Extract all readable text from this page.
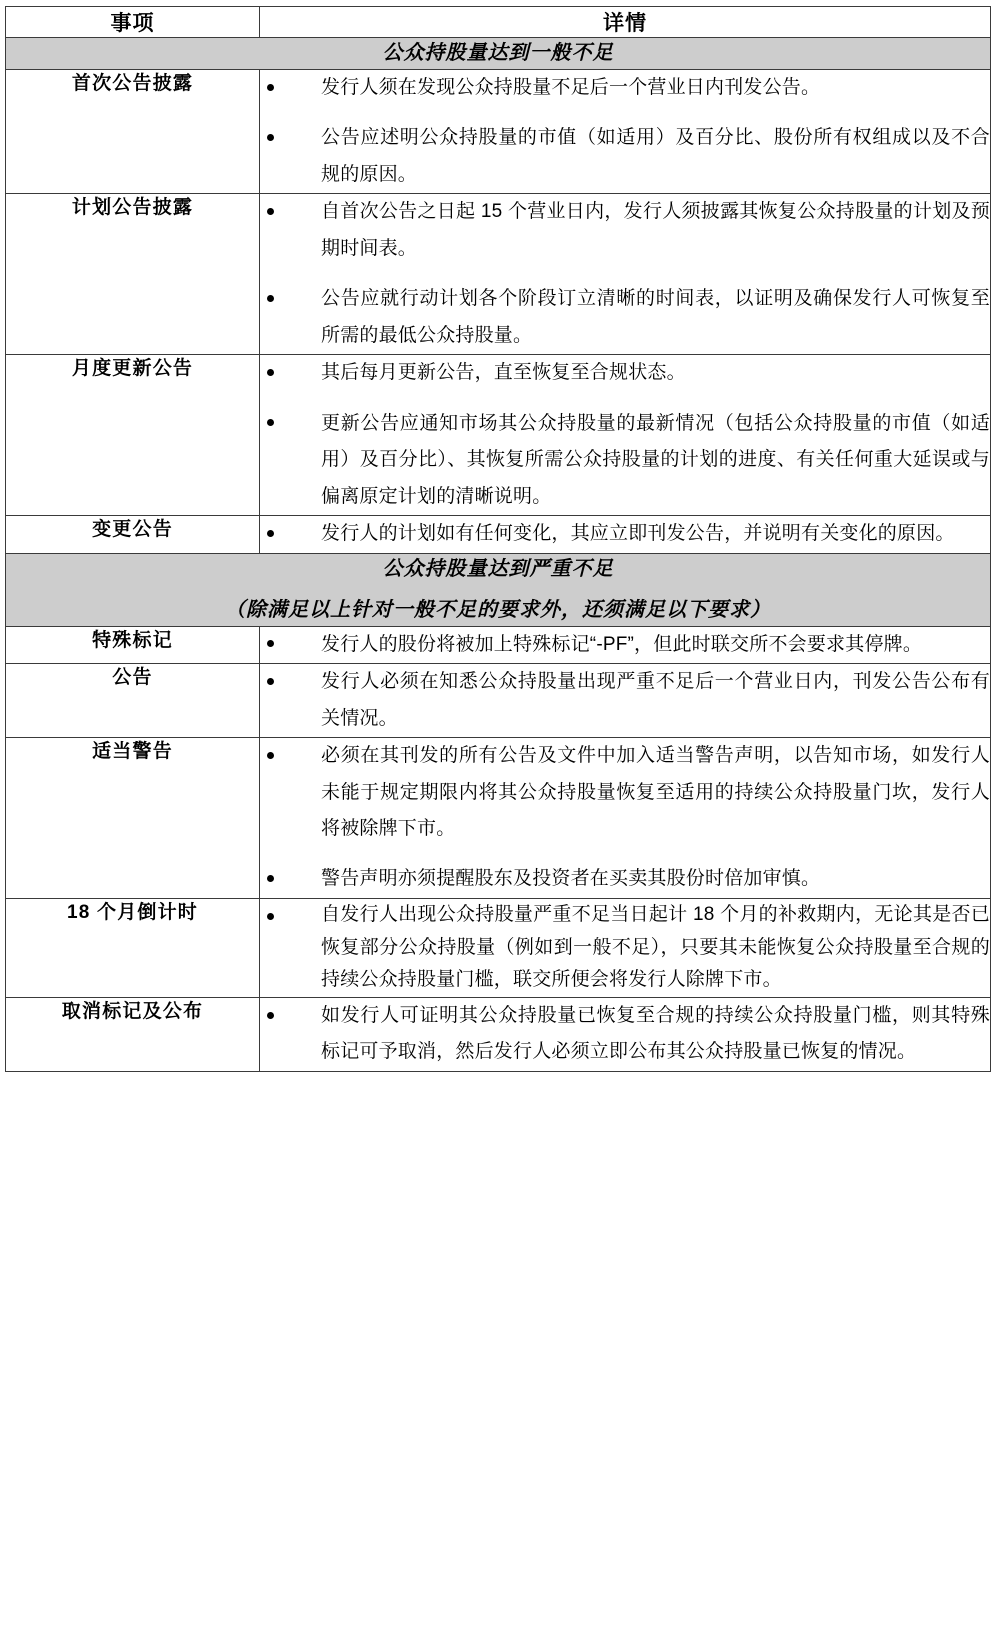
事项	详情

公众持股量达到一般不足	

首次公告披露	发行人须在发现公众持股量不足后一个营业日内刊发公告。
公告应述明公众持股量的市值（如适用）及百分比、股份所有权组成以及不合规的原因。

计划公告披露	自首次公告之日起 15 个营业日内，发行人须披露其恢复公众持股量的计划及预期时间表。
公告应就行动计划各个阶段订立清晰的时间表，以证明及确保发行人可恢复至所需的最低公众持股量。

月度更新公告	其后每月更新公告，直至恢复至合规状态。
更新公告应通知市场其公众持股量的最新情况（包括公众持股量的市值（如适用）及百分比）、其恢复所需公众持股量的计划的进度、有关任何重大延误或与偏离原定计划的清晰说明。

变更公告	发行人的计划如有任何变化，其应立即刊发公告，并说明有关变化的原因。

公众持股量达到严重不足
（除满足以上针对一般不足的要求外，还须满足以下要求）	

特殊标记	发行人的股份将被加上特殊标记“-PF”，但此时联交所不会要求其停牌。

公告	发行人必须在知悉公众持股量出现严重不足后一个营业日内，刊发公告公布有关情况。

适当警告	必须在其刊发的所有公告及文件中加入适当警告声明，以告知市场，如发行人未能于规定期限内将其公众持股量恢复至适用的持续公众持股量门坎，发行人将被除牌下市。
警告声明亦须提醒股东及投资者在买卖其股份时倍加审慎。

18 个月倒计时	自发行人出现公众持股量严重不足当日起计 18 个月的补救期内，无论其是否已恢复部分公众持股量（例如到一般不足），只要其未能恢复公众持股量至合规的持续公众持股量门槛，联交所便会将发行人除牌下市。

取消标记及公布	如发行人可证明其公众持股量已恢复至合规的持续公众持股量门槛，则其特殊标记可予取消，然后发行人必须立即公布其公众持股量已恢复的情况。
